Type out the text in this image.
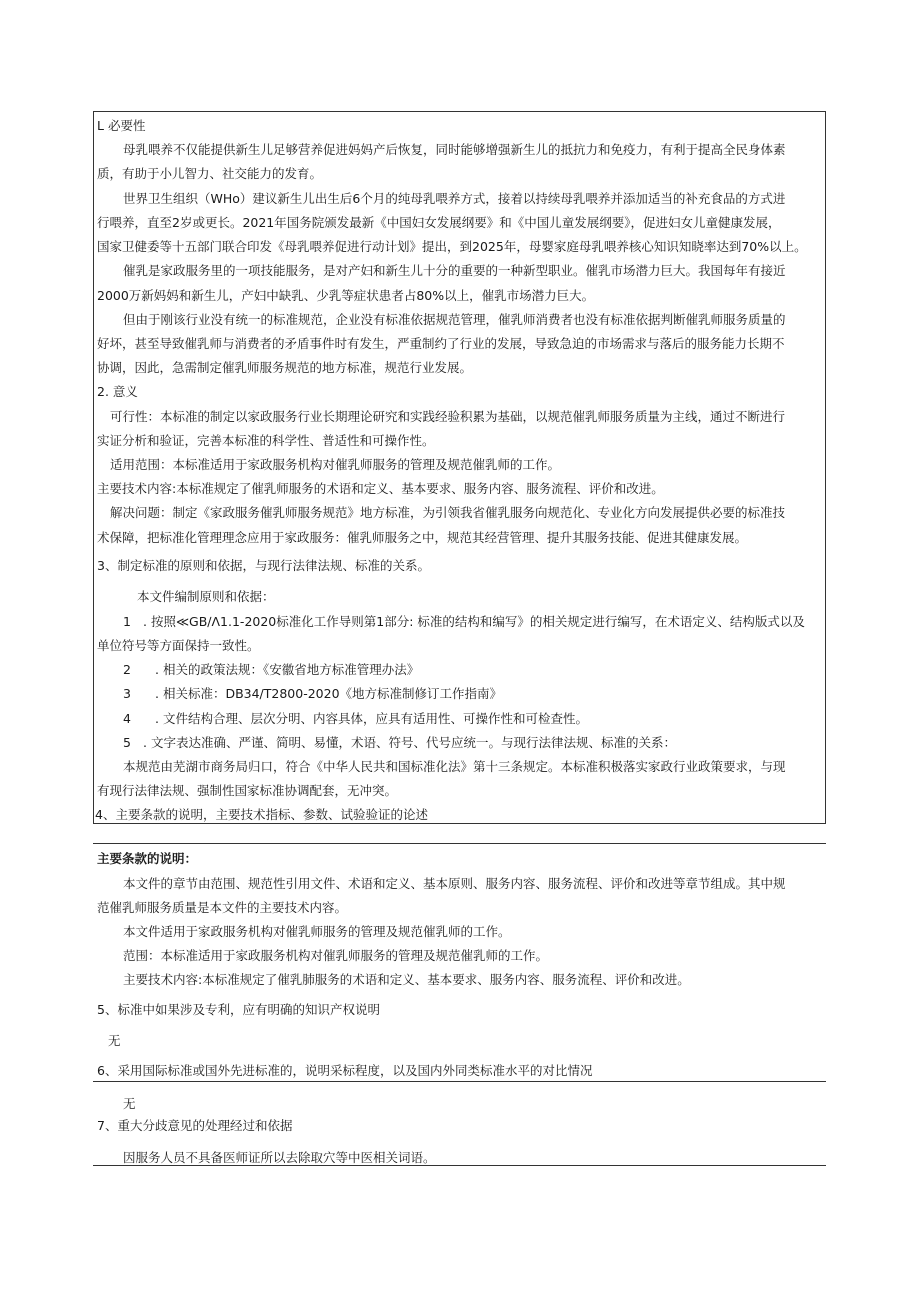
L 必要性
母乳喂养不仅能提供新生儿足够营养促进妈妈产后恢复，同时能够增强新生儿的抵抗力和免疫力，有利于提高全民身体素
质，有助于小儿智力、社交能力的发育。
世界卫生组织（WHo）建议新生儿出生后6个月的纯母乳喂养方式，接着以持续母乳喂养并添加适当的补充食品的方式进
行喂养，直至2岁或更长。2021年国务院颁发最新《中国妇女发展纲要》和《中国儿童发展纲要》，促进妇女儿童健康发展，
国家卫健委等十五部门联合印发《母乳喂养促进行动计划》提出，到2025年，母婴家庭母乳喂养核心知识知晓率达到70%以上。
催乳是家政服务里的一项技能服务，是对产妇和新生儿十分的重要的一种新型职业。催乳市场潜力巨大。我国每年有接近
2000万新妈妈和新生儿，产妇中缺乳、少乳等症状患者占80%以上，催乳市场潜力巨大。
但由于刚该行业没有统一的标准规范，企业没有标准依据规范管理，催乳师消费者也没有标准依据判断催乳师服务质量的
好坏，甚至导致催乳师与消费者的矛盾事件时有发生，严重制约了行业的发展，导致急迫的市场需求与落后的服务能力长期不
协调，因此，急需制定催乳师服务规范的地方标准，规范行业发展。
2. 意义
可行性：本标准的制定以家政服务行业长期理论研究和实践经验积累为基础，以规范催乳师服务质量为主线，通过不断进行
实证分析和验证，完善本标准的科学性、普适性和可操作性。
适用范围：本标准适用于家政服务机构对催乳师服务的管理及规范催乳师的工作。
主要技术内容:本标准规定了催乳师服务的术语和定义、基本要求、服务内容、服务流程、评价和改进。
解决问题：制定《家政服务催乳师服务规范》地方标准，为引领我省催乳服务向规范化、专业化方向发展提供必要的标准技
术保障，把标准化管理理念应用于家政服务：催乳师服务之中，规范其经营管理、提升其服务技能、促进其健康发展。
3、制定标准的原则和依据，与现行法律法规、标准的关系。
本文件编制原则和依据：
1 . 按照≪GB∕Λ1.1-2020标准化工作导则第1部分: 标准的结构和编写》的相关规定进行编写，在术语定义、结构版式以及
单位符号等方面保持一致性。
2 . 相关的政策法规：《安徽省地方标准管理办法》
3 . 相关标准：DB34/T2800-2020《地方标准制修订工作指南》
4 . 文件结构合理、层次分明、内容具体，应具有适用性、可操作性和可检查性。
5 . 文字表达准确、严谨、简明、易懂，术语、符号、代号应统一。与现行法律法规、标准的关系：
本规范由芜湖市商务局归口，符合《中华人民共和国标准化法》第十三条规定。本标准积极落实家政行业政策要求，与现
有现行法律法规、强制性国家标准协调配套，无冲突。
4、主要条款的说明，主要技术指标、参数、试验验证的论述
主要条款的说明：
本文件的章节由范围、规范性引用文件、术语和定义、基本原则、服务内容、服务流程、评价和改进等章节组成。其中规
范催乳师服务质量是本文件的主要技术内容。
本文件适用于家政服务机构对催乳师服务的管理及规范催乳师的工作。
范围：本标准适用于家政服务机构对催乳师服务的管理及规范催乳师的工作。
主要技术内容:本标准规定了催乳肺服务的术语和定义、基本要求、服务内容、服务流程、评价和改进。
5、标准中如果涉及专利，应有明确的知识产权说明
无
6、采用国际标准或国外先进标准的，说明采标程度，以及国内外同类标准水平的对比情况
无
7、重大分歧意见的处理经过和依据
因服务人员不具备医师证所以去除取穴等中医相关词语。
